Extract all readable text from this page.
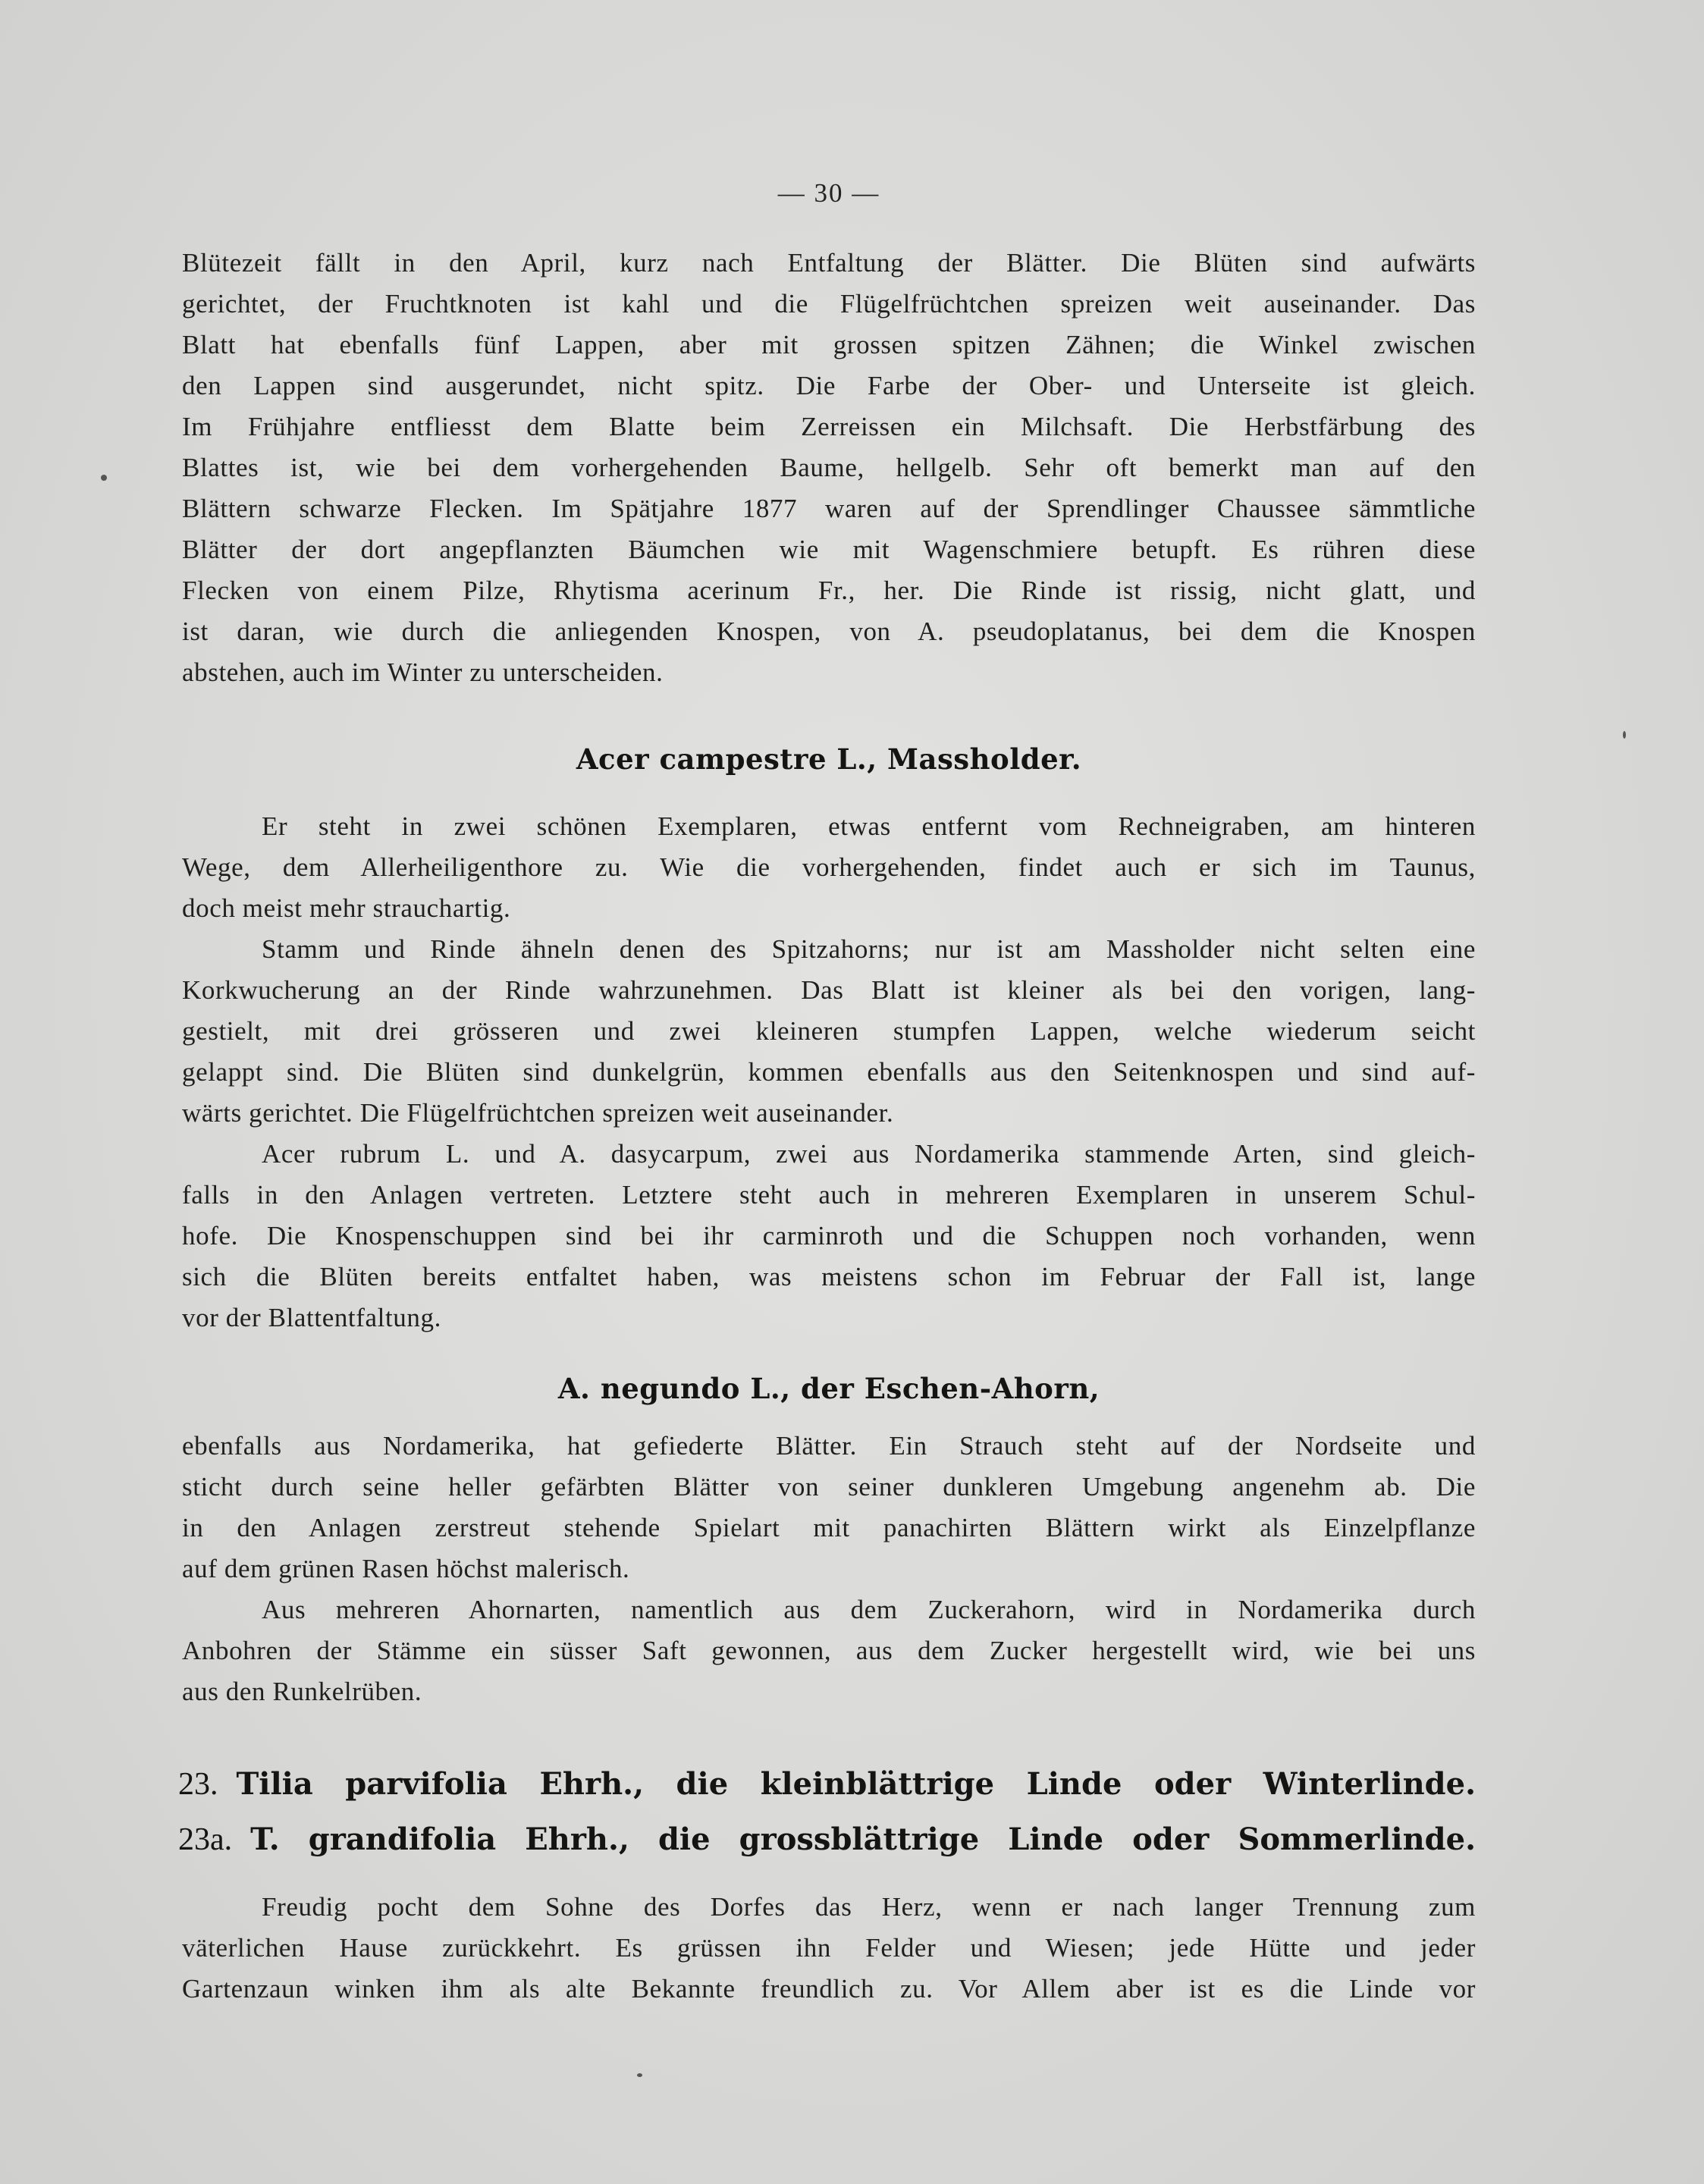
— 30 —
Blütezeit fällt in den April, kurz nach Entfaltung der Blätter. Die Blüten sind aufwärts
gerichtet, der Fruchtknoten ist kahl und die Flügelfrüchtchen spreizen weit auseinander. Das
Blatt hat ebenfalls fünf Lappen, aber mit grossen spitzen Zähnen; die Winkel zwischen
den Lappen sind ausgerundet, nicht spitz. Die Farbe der Ober- und Unterseite ist gleich.
Im Frühjahre entfliesst dem Blatte beim Zerreissen ein Milchsaft. Die Herbstfärbung des
Blattes ist, wie bei dem vorhergehenden Baume, hellgelb. Sehr oft bemerkt man auf den
Blättern schwarze Flecken. Im Spätjahre 1877 waren auf der Sprendlinger Chaussee sämmtliche
Blätter der dort angepflanzten Bäumchen wie mit Wagenschmiere betupft. Es rühren diese
Flecken von einem Pilze, Rhytisma acerinum Fr., her. Die Rinde ist rissig, nicht glatt, und
ist daran, wie durch die anliegenden Knospen, von A. pseudoplatanus, bei dem die Knospen
abstehen, auch im Winter zu unterscheiden.
Acer campestre L., Massholder.
Er steht in zwei schönen Exemplaren, etwas entfernt vom Rechneigraben, am hinteren
Wege, dem Allerheiligenthore zu. Wie die vorhergehenden, findet auch er sich im Taunus,
doch meist mehr strauchartig.
Stamm und Rinde ähneln denen des Spitzahorns; nur ist am Massholder nicht selten eine
Korkwucherung an der Rinde wahrzunehmen. Das Blatt ist kleiner als bei den vorigen, lang-
gestielt, mit drei grösseren und zwei kleineren stumpfen Lappen, welche wiederum seicht
gelappt sind. Die Blüten sind dunkelgrün, kommen ebenfalls aus den Seitenknospen und sind auf-
wärts gerichtet. Die Flügelfrüchtchen spreizen weit auseinander.
Acer rubrum L. und A. dasycarpum, zwei aus Nordamerika stammende Arten, sind gleich-
falls in den Anlagen vertreten. Letztere steht auch in mehreren Exemplaren in unserem Schul-
hofe. Die Knospenschuppen sind bei ihr carminroth und die Schuppen noch vorhanden, wenn
sich die Blüten bereits entfaltet haben, was meistens schon im Februar der Fall ist, lange
vor der Blattentfaltung.
A. negundo L., der Eschen-Ahorn,
ebenfalls aus Nordamerika, hat gefiederte Blätter. Ein Strauch steht auf der Nordseite und
sticht durch seine heller gefärbten Blätter von seiner dunkleren Umgebung angenehm ab. Die
in den Anlagen zerstreut stehende Spielart mit panachirten Blättern wirkt als Einzelpflanze
auf dem grünen Rasen höchst malerisch.
Aus mehreren Ahornarten, namentlich aus dem Zuckerahorn, wird in Nordamerika durch
Anbohren der Stämme ein süsser Saft gewonnen, aus dem Zucker hergestellt wird, wie bei uns
aus den Runkelrüben.
23. Tilia parvifolia Ehrh., die kleinblättrige Linde oder Winterlinde.
23a. T. grandifolia Ehrh., die grossblättrige Linde oder Sommerlinde.
Freudig pocht dem Sohne des Dorfes das Herz, wenn er nach langer Trennung zum
väterlichen Hause zurückkehrt. Es grüssen ihn Felder und Wiesen; jede Hütte und jeder
Gartenzaun winken ihm als alte Bekannte freundlich zu. Vor Allem aber ist es die Linde vor
